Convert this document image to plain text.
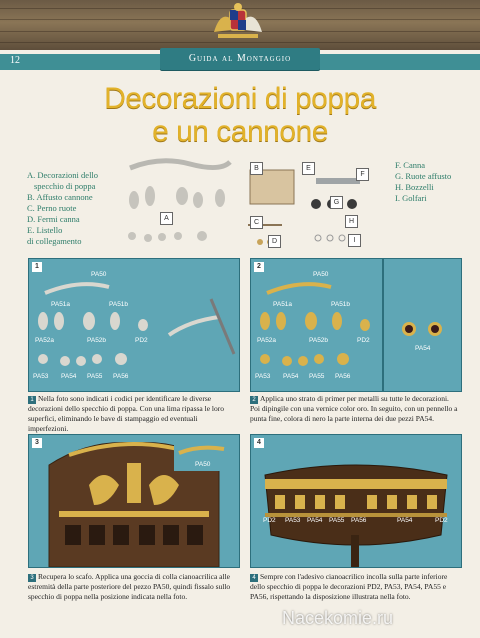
Guida al Montaggio
12
Decorazioni di poppa
e un cannone
A. Decorazioni dello
specchio di poppa
B. Affusto cannone
C. Perno ruote
D. Fermi canna
E. Listello
di collegamento
F. Canna
G. Ruote affusto
H. Bozzelli
I. Golfari
A
B
C
D
E
F
G
H
I
1
PA50
PA51a	PA51b
PA52a	PA52b	PD2
PA53 PA54 PA55 PA56
1 Nella foto sono indicati i codici per identificare le diverse decorazioni dello specchio di poppa. Con una lima ripassa le loro superfici, eliminando le bave di stampaggio ed eventuali imperfezioni.
2
PA50
PA51a	PA51b
PA52a	PA52b	PD2
PA53 PA54 PA55 PA56
PA54
2 Applica uno strato di primer per metalli su tutte le decorazioni. Poi dipingile con una vernice color oro. In seguito, con un pennello a punta fine, colora di nero la parte interna dei due pezzi PA54.
3
PA50
3 Recupera lo scafo. Applica una goccia di colla cianoacrilica alle estremità della parte posteriore del pezzo PA50, quindi fissalo sullo specchio di poppa nella posizione indicata nella foto.
4
PD2 PA53 PA54 PA55 PA56	PA54	PD2
4 Sempre con l'adesivo cianoacrilico incolla sulla parte inferiore dello specchio di poppa le decorazioni PD2, PA53, PA54, PA55 e PA56, rispettando la disposizione illustrata nella foto.
Nacekomie.ru
